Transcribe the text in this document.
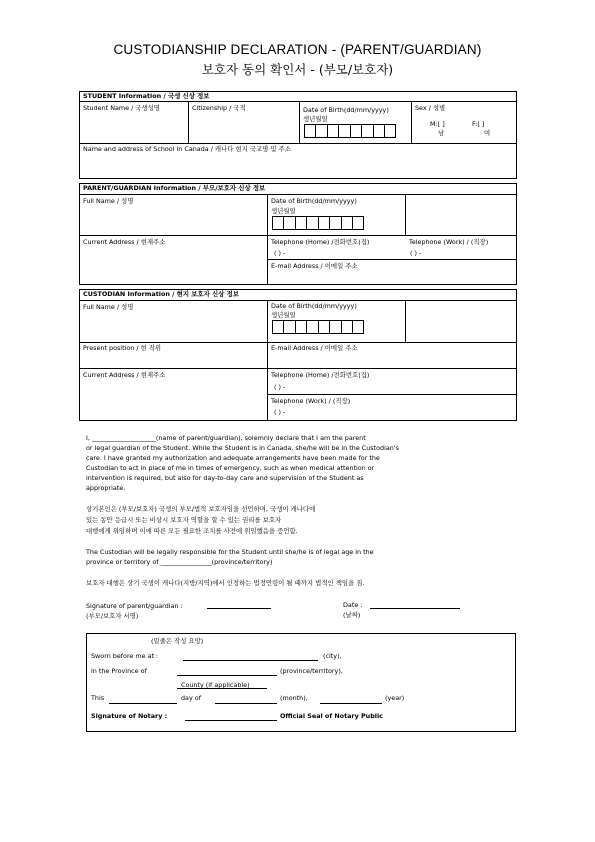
CUSTODIANSHIP DECLARATION - (PARENT/GUARDIAN)
보호자 동의 확인서 - (부모/보호자)
STUDENT Information / 국생 신상 정보
Student Name / 국생성명	Citizenship / 국적	Date of Birth(dd/mm/yyyy)
생년월일
Sex / 성별
M:[ ]	F:[ ]
남	여
Name and address of School in Canada / 캐나다 현지 국교명 및 주소
PARENT/GUARDIAN Information / 부모/보호자 신상 정보
Full Name / 성명	Date of Birth(dd/mm/yyyy)
생년월일
Current Address / 현재주소	Telephone (Home) /전화번호(집)	Telephone (Work) / (직장)
( ) -	( ) -
E-mail Address / 이메일 주소
CUSTODIAN Information / 현지 보호자 신상 정보
Full Name / 성명	Date of Birth(dd/mm/yyyy)
생년월일
Present position / 현 직위	E-mail Address / 이메일 주소
Current Address / 현재주소	Telephone (Home) /전화번호(집)
( ) -
Telephone (Work) / (직장)
( ) -
I, ____________________(name of parent/guardian), solemnly declare that I am the parent
or legal guardian of the Student. While the Student is in Canada, she/he will be in the Custodian's
care. I have granted my authorization and adequate arrangements have been made for the
Custodian to act in place of me in times of emergency, such as when medical attention or
intervention is required, but also for day-to-day care and supervision of the Student as
appropriate.
상기본인은 (부모/보호자) 국생의 부모/법적 보호자임을 선언하며, 국생이 캐나다에
있는 동안 응급시 또는 비상시 보호자 역할을 할 수 있는 권리를 보호자
대행에게 위임하며 이에 따른 모든 필요한 조치를 사전에 위임했음을 증언함.
The Custodian will be legally responsible for the Student until she/he is of legal age in the
province or territory of ________________(province/territory)
보호자 대행은 상기 국생이 캐나다(지방/지역)에서 인정하는 법정연령이 될 때까지 법적인 책임을 짐.
Signature of parent/guardian :
(부모/보호자 서명)
Date :
(날짜)
(밑줄은 작성 요망)
Sworn before me at :	(city),
in the Province of	(province/territory),
County (if applicable)
This	day of	(month),	(year)
Signature of Notary :	Official Seal of Notary Public
